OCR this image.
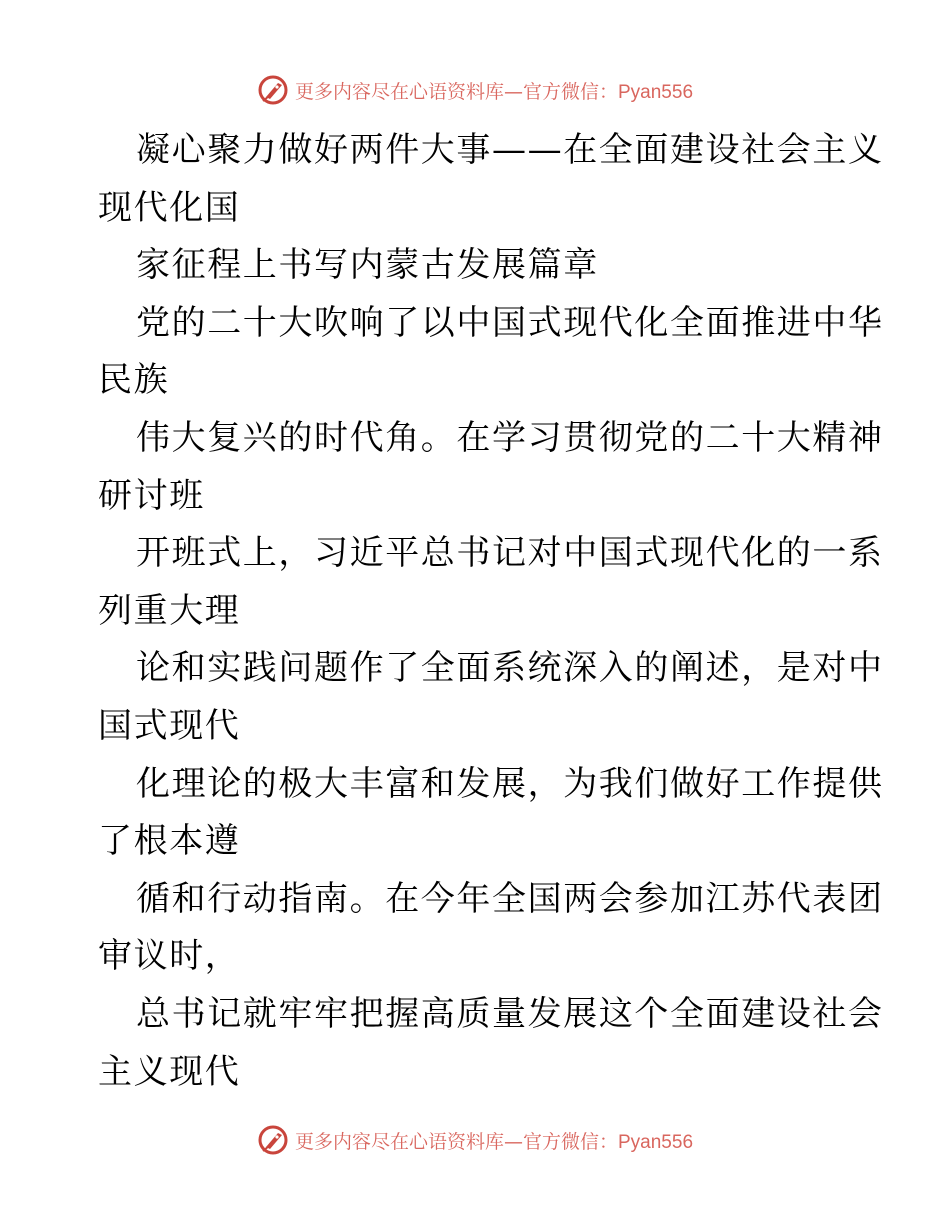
更多内容尽在心语资料库—官方微信：Pyan556

凝心聚力做好两件大事——在全面建设社会主义
现代化国

家征程上书写内蒙古发展篇章

党的二十大吹响了以中国式现代化全面推进中华
民族

伟大复兴的时代角。在学习贯彻党的二十大精神
研讨班

开班式上，习近平总书记对中国式现代化的一系
列重大理

论和实践问题作了全面系统深入的阐述，是对中
国式现代

化理论的极大丰富和发展，为我们做好工作提供
了根本遵

循和行动指南。在今年全国两会参加江苏代表团
审议时，

总书记就牢牢把握高质量发展这个全面建设社会
主义现代

更多内容尽在心语资料库—官方微信：Pyan556
